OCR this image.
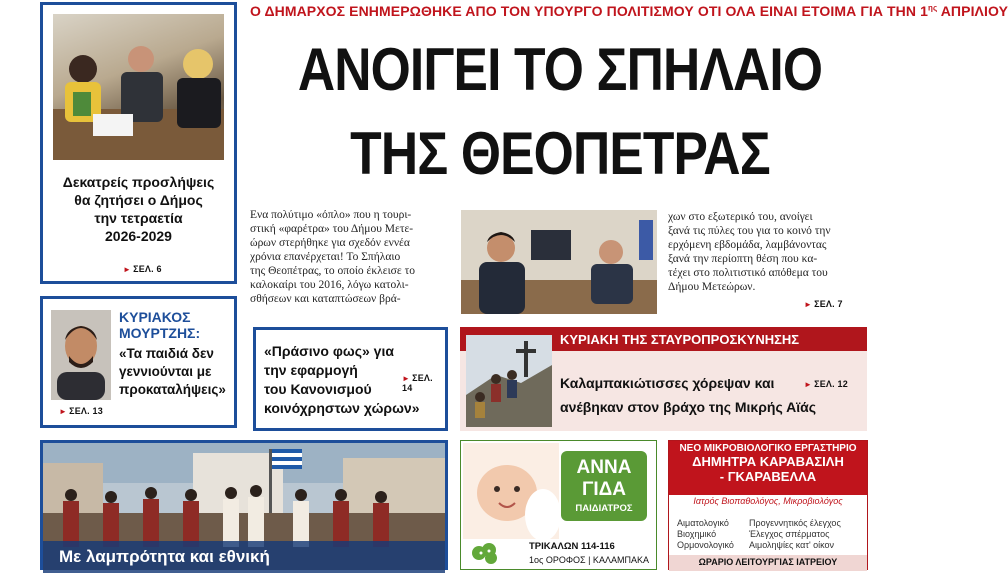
Δεκατρείς προσλήψεις
θα ζητήσει ο Δήμος
την τετραετία
2026-2029
► ΣΕΛ. 6
ΚΥΡΙΑΚΟΣ
ΜΟΥΡΤΖΗΣ:
«Τα παιδιά δεν
γεννιούνται με
προκαταλήψεις»
► ΣΕΛ. 13
Ο ΔΗΜΑΡΧΟΣ ΕΝΗΜΕΡΩΘΗΚΕ ΑΠΟ ΤΟΝ ΥΠΟΥΡΓΟ ΠΟΛΙΤΙΣΜΟΥ ΟΤΙ ΟΛΑ ΕΙΝΑΙ ΕΤΟΙΜΑ ΓΙΑ ΤΗΝ $1^{\eta\varsigma}$ ΑΠΡΙΛΙΟΥ
ΑΝΟΙΓΕΙ ΤΟ ΣΠΗΛΑΙΟ
ΤΗΣ ΘΕΟΠΕΤΡΑΣ
Ενα πολύτιμο «όπλο» που η τουρι-
στική «φαρέτρα» του Δήμου Μετε-
ώρων στερήθηκε για σχεδόν εννέα
χρόνια επανέρχεται! Το Σπήλαιο
της Θεοπέτρας, το οποίο έκλεισε το
καλοκαίρι του 2016, λόγω κατολι-
σθήσεων και καταπτώσεων βρά-
χων στο εξωτερικό του, ανοίγει
ξανά τις πύλες του για το κοινό την
ερχόμενη εβδομάδα, λαμβάνοντας
ξανά την περίοπτη θέση που κα-
τέχει στο πολιτιστικό απόθεμα του
Δήμου Μετεώρων.
► ΣΕΛ. 7
«Πράσινο φως» για
την εφαρμογή
του Κανονισμού
κοινόχρηστων χώρων»
► ΣΕΛ. 14
ΚΥΡΙΑΚΗ ΤΗΣ ΣΤΑΥΡΟΠΡΟΣΚΥΝΗΣΗΣ
Καλαμπακιώτισσες χόρεψαν και
ανέβηκαν στον βράχο της Μικρής Αϊάς
► ΣΕΛ. 12
Με λαμπρότητα και εθνική
ΑΝΝΑ
ΓΙΔΑ
ΠΑΙΔΙΑΤΡΟΣ
ΤΡΙΚΑΛΩΝ 114-116
1ος ΟΡΟΦΟΣ | ΚΑΛΑΜΠΑΚΑ
ΝΕΟ ΜΙΚΡΟΒΙΟΛΟΓΙΚΟ ΕΡΓΑΣΤΗΡΙΟ
ΔΗΜΗΤΡΑ ΚΑΡΑΒΑΣΙΛΗ
- ΓΚΑΡΑΒΕΛΛΑ
Ιατρός Βιοπαθολόγος, Μικροβιολόγος
Αιματολογικό
Βιοχημικό
Ορμονολογικό
Προγεννητικός έλεγχος
Έλεγχος σπέρματος
Αιμοληψίες κατ' οίκον
ΩΡΑΡΙΟ ΛΕΙΤΟΥΡΓΙΑΣ ΙΑΤΡΕΙΟΥ
